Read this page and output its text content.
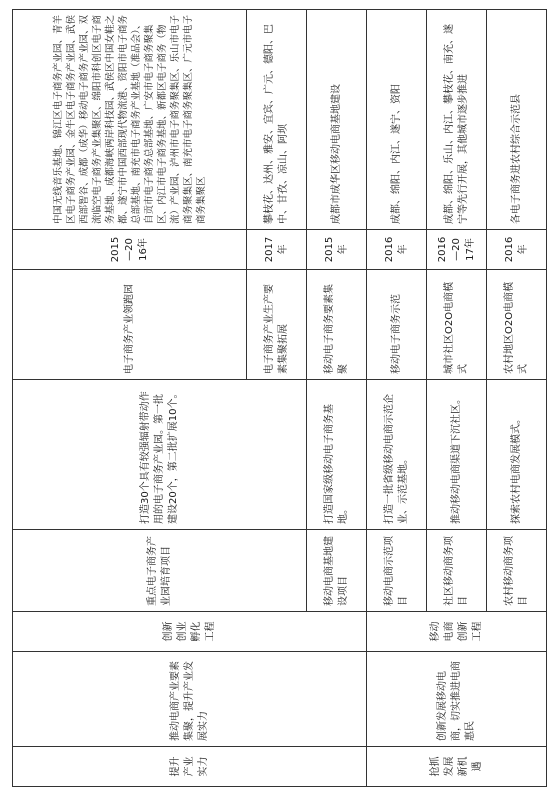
提升产业实力	推动电商产业要素集聚，提升产业发展实力	创新创业孵化工程	重点电子商务产业园培育项目	打造30个具有较强辐射带动作用的电子商务产业园。第一批建设20个，第二批扩展10个。	电子商务产业领跑园	2015—2016年	中国无线音乐基地、锦江区电子商务产业园、青羊区电子商务产业园、金牛区电子商务产业园、武侯西部智谷、成都（成华）移动电子商务产业园、双流临空电子商务产业集聚区、绵阳市科创区电子商务基地、成都海峡两岸科技园、武侯区中国女鞋之都、遂宁市中国西部现代物流港、资阳市电子商务总部基地、南充市电子商务产业基地（准品会）、自贡市电子商务总部基地、广安市电子商务聚集区、内江市电子商务基地、新都区电子商务（物流）产业园、泸州市电子商务聚集区、乐山市电子商务聚集区、南充市电子商务聚集区、广元市电子商务集聚区
					电子商务产业生产要素集聚拓展	2017年	攀枝花、达州、雅安、宜宾、广元、德阳、巴中、甘孜、凉山、阿坝
			移动电商基地建设项目	打造国家级移动电子商务基地。	移动电子商务要素集聚	2015年	成都市成华区移动电商基地建设
抢抓发展新机遇	创新发展移动电商，切实推进电商惠民	移动电商创新工程	移动电商示范项目	打造一批省级移动电商示范企业、示范基地。	移动电子商务示范	2016年	成都、绵阳、内江、遂宁、资阳
			社区移动商务项目	推动移动电商渠道下沉社区。	城市社区O2O电商模式	2016—2017年	成都、绵阳、乐山、内江、攀枝花、南充、遂宁等先行开展，其他城市逐步推进
			农村移动商务项目	探索农村电商发展模式。	农村地区O2O电商模式	2016年	各电子商务进农村综合示范县
